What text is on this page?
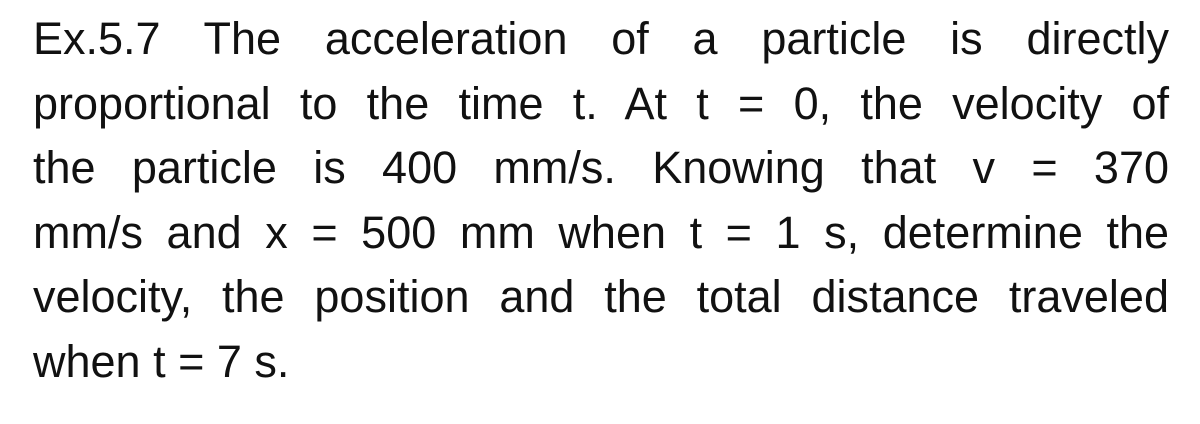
Ex.5.7 The acceleration of a particle is directly
proportional to the time t. At t = 0, the velocity of
the particle is 400 mm/s. Knowing that v = 370
mm/s and x = 500 mm when t = 1 s, determine the
velocity, the position and the total distance traveled
when t = 7 s.
